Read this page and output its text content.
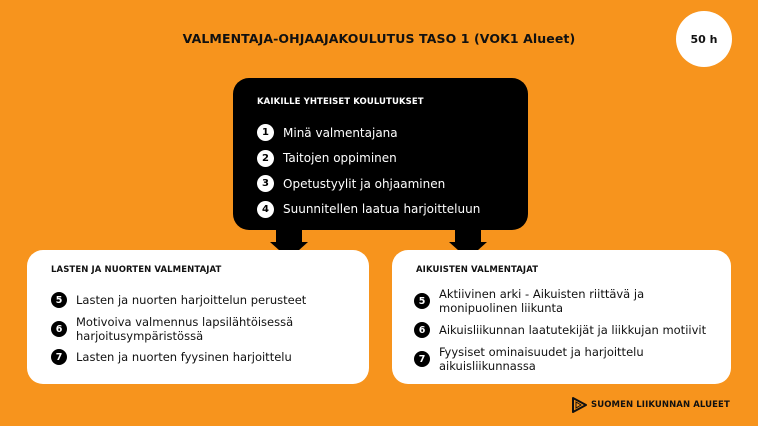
VALMENTAJA-OHJAAJAKOULUTUS TASO 1 (VOK1 Alueet)	50 h
KAIKILLE YHTEISET KOULUTUKSET
1	Minä valmentajana
2	Taitojen oppiminen
3	Opetustyylit ja ohjaaminen
4	Suunnitellen laatua harjoitteluun
LASTEN JA NUORTEN VALMENTAJAT
5	Lasten ja nuorten harjoittelun perusteet
6	Motivoiva valmennus lapsilähtöisessä harjoitusympäristössä
7	Lasten ja nuorten fyysinen harjoittelu
AIKUISTEN VALMENTAJAT
5	Aktiivinen arki - Aikuisten riittävä ja monipuolinen liikunta
6	Aikuisliikunnan laatutekijät ja liikkujan motiivit
7	Fyysiset ominaisuudet ja harjoittelu aikuisliikunnassa
SUOMEN LIIKUNNAN ALUEET
